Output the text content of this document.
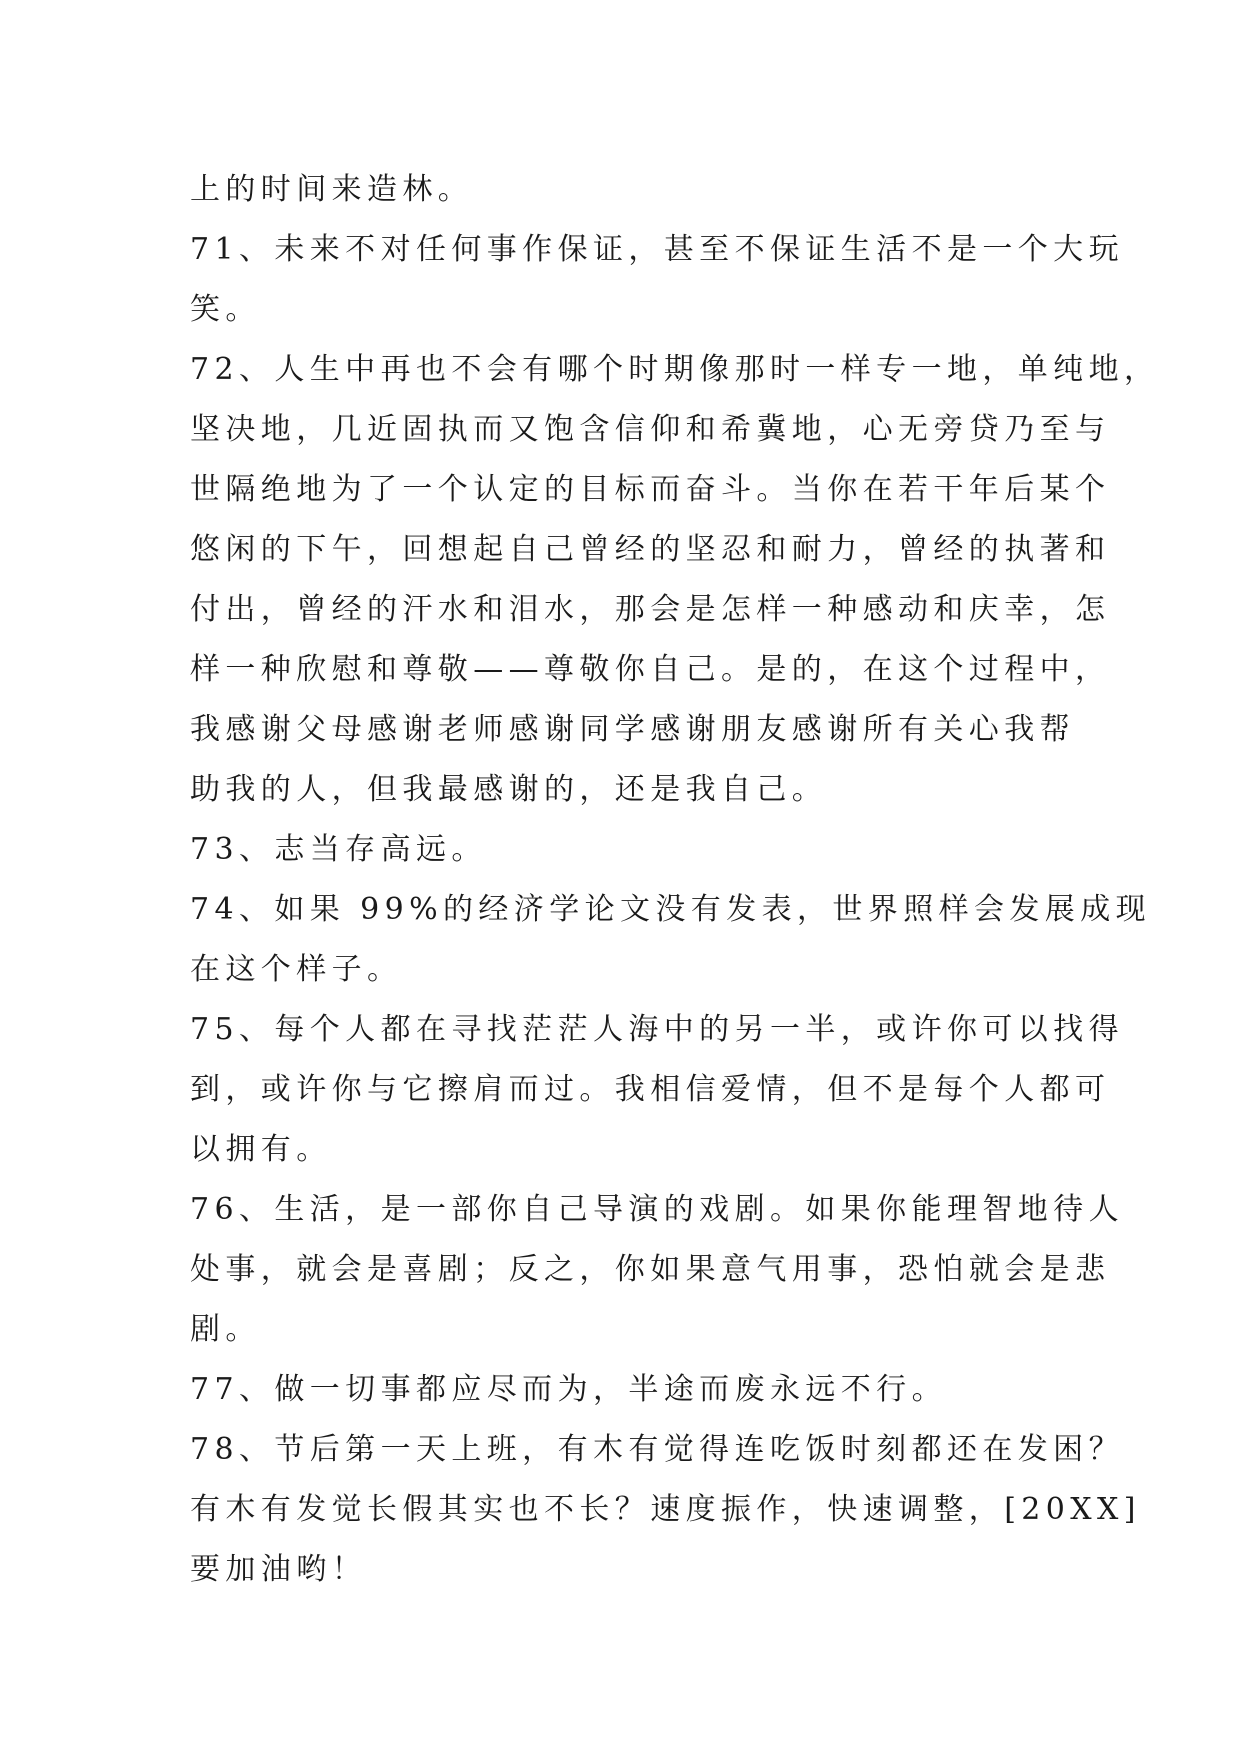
上的时间来造林。
71、未来不对任何事作保证，甚至不保证生活不是一个大玩
笑。
72、人生中再也不会有哪个时期像那时一样专一地，单纯地，
坚决地，几近固执而又饱含信仰和希冀地，心无旁贷乃至与
世隔绝地为了一个认定的目标而奋斗。当你在若干年后某个
悠闲的下午，回想起自己曾经的坚忍和耐力，曾经的执著和
付出，曾经的汗水和泪水，那会是怎样一种感动和庆幸，怎
样一种欣慰和尊敬——尊敬你自己。是的，在这个过程中，
我感谢父母感谢老师感谢同学感谢朋友感谢所有关心我帮
助我的人，但我最感谢的，还是我自己。
73、志当存高远。
74、如果 99%的经济学论文没有发表，世界照样会发展成现
在这个样子。
75、每个人都在寻找茫茫人海中的另一半，或许你可以找得
到，或许你与它擦肩而过。我相信爱情，但不是每个人都可
以拥有。
76、生活，是一部你自己导演的戏剧。如果你能理智地待人
处事，就会是喜剧；反之，你如果意气用事，恐怕就会是悲
剧。
77、做一切事都应尽而为，半途而废永远不行。
78、节后第一天上班，有木有觉得连吃饭时刻都还在发困？
有木有发觉长假其实也不长？速度振作，快速调整，[20XX]
要加油哟！
